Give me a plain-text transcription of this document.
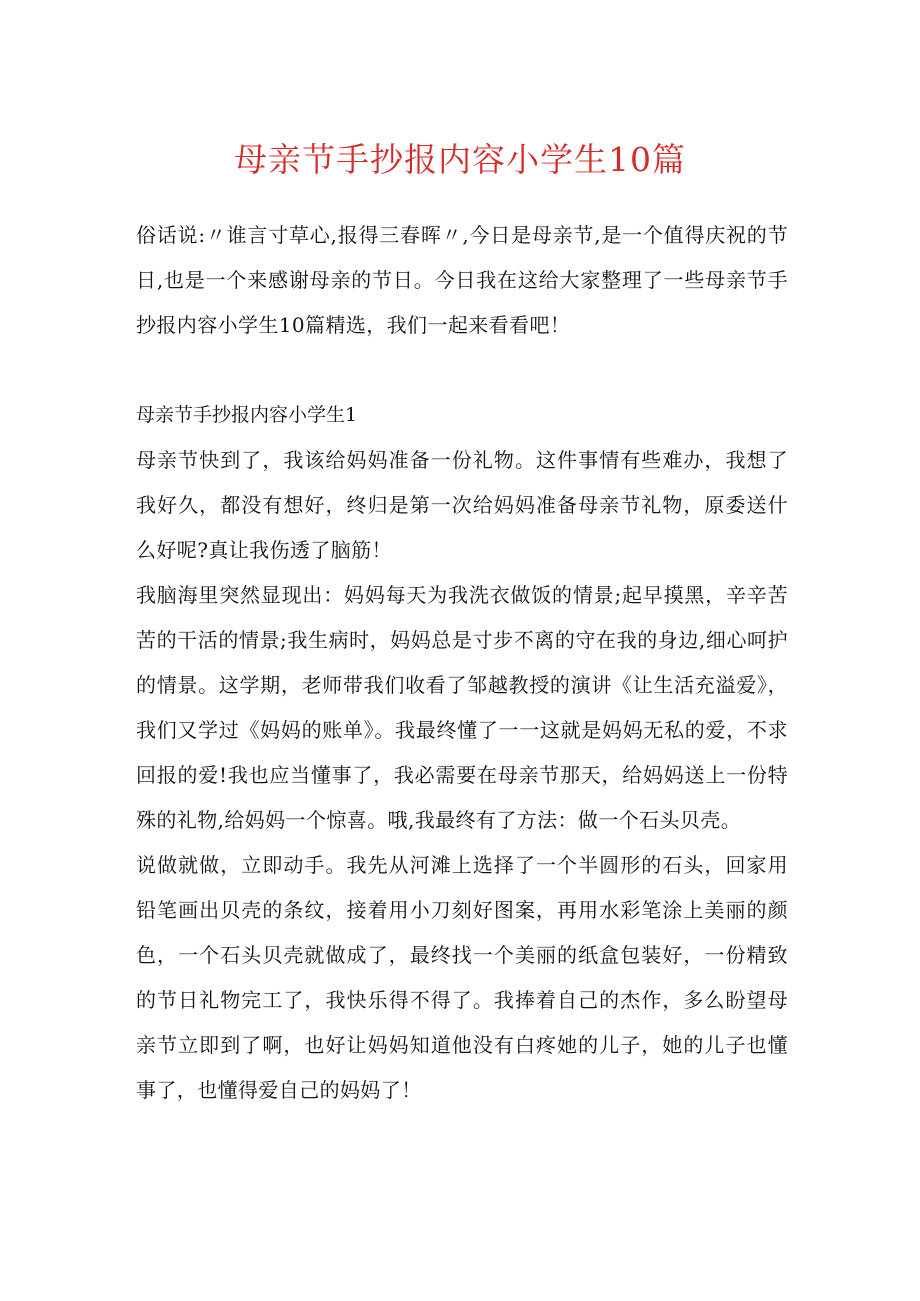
母亲节手抄报内容小学生10篇

俗话说:〃谁言寸草心,报得三春晖〃,今日是母亲节,是一个值得庆祝的节日,也是一个来感谢母亲的节日。今日我在这给大家整理了一些母亲节手抄报内容小学生10篇精选，我们一起来看看吧！

母亲节手抄报内容小学生1

母亲节快到了，我该给妈妈准备一份礼物。这件事情有些难办，我想了我好久，都没有想好，终归是第一次给妈妈准备母亲节礼物，原委送什么好呢?真让我伤透了脑筋！

我脑海里突然显现出：妈妈每天为我洗衣做饭的情景;起早摸黑，辛辛苦苦的干活的情景;我生病时，妈妈总是寸步不离的守在我的身边,细心呵护的情景。这学期，老师带我们收看了邹越教授的演讲《让生活充溢爱》，我们又学过《妈妈的账单》。我最终懂了一一这就是妈妈无私的爱，不求回报的爱!我也应当懂事了，我必需要在母亲节那天，给妈妈送上一份特殊的礼物,给妈妈一个惊喜。哦,我最终有了方法：做一个石头贝壳。

说做就做，立即动手。我先从河滩上选择了一个半圆形的石头，回家用铅笔画出贝壳的条纹，接着用小刀刻好图案，再用水彩笔涂上美丽的颜色，一个石头贝壳就做成了，最终找一个美丽的纸盒包装好，一份精致的节日礼物完工了，我快乐得不得了。我捧着自己的杰作，多么盼望母亲节立即到了啊，也好让妈妈知道他没有白疼她的儿子，她的儿子也懂事了，也懂得爱自己的妈妈了！
